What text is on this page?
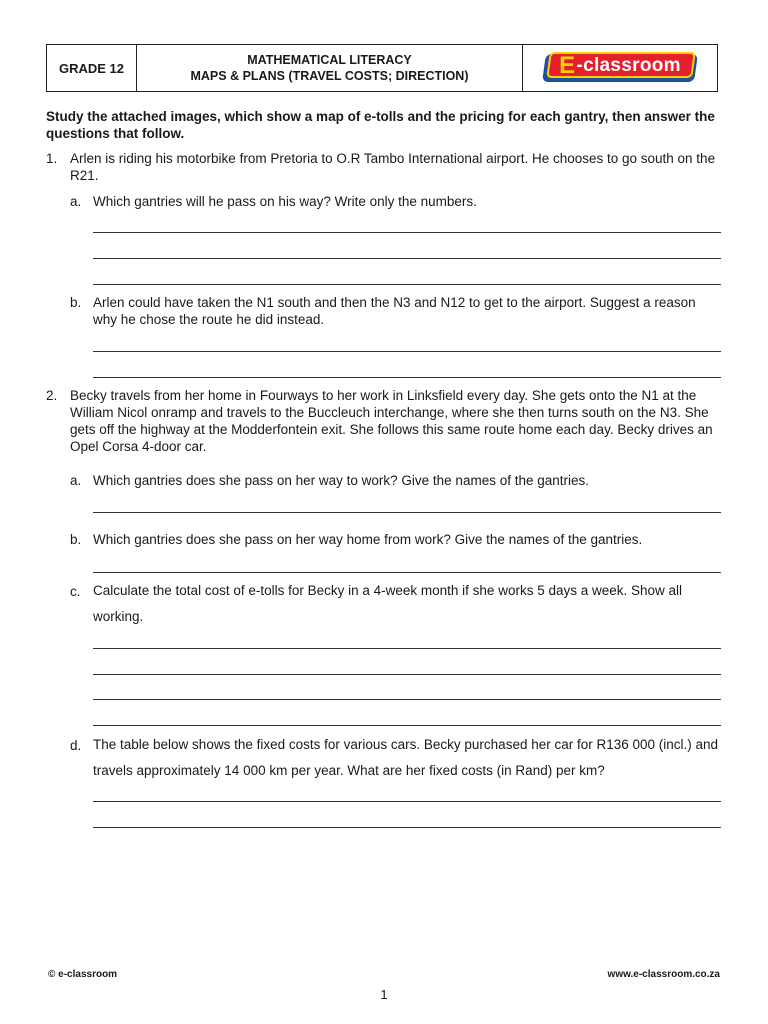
GRADE 12
MATHEMATICAL LITERACY
MAPS & PLANS (TRAVEL COSTS; DIRECTION)	E -classroom
Study the attached images, which show a map of e-tolls and the pricing for each gantry, then answer the questions that follow.
1. Arlen is riding his motorbike from Pretoria to O.R Tambo International airport. He chooses to go south on the R21.
a. Which gantries will he pass on his way? Write only the numbers.
b. Arlen could have taken the N1 south and then the N3 and N12 to get to the airport. Suggest a reason why he chose the route he did instead.
2. Becky travels from her home in Fourways to her work in Linksfield every day. She gets onto the N1 at the William Nicol onramp and travels to the Buccleuch interchange, where she then turns south on the N3. She gets off the highway at the Modderfontein exit. She follows this same route home each day. Becky drives an Opel Corsa 4-door car.
a. Which gantries does she pass on her way to work? Give the names of the gantries.
b. Which gantries does she pass on her way home from work? Give the names of the gantries.
c. Calculate the total cost of e-tolls for Becky in a 4-week month if she works 5 days a week. Show all working.
d. The table below shows the fixed costs for various cars. Becky purchased her car for R136 000 (incl.) and travels approximately 14 000 km per year. What are her fixed costs (in Rand) per km?
© e-classroom	www.e-classroom.co.za
1
